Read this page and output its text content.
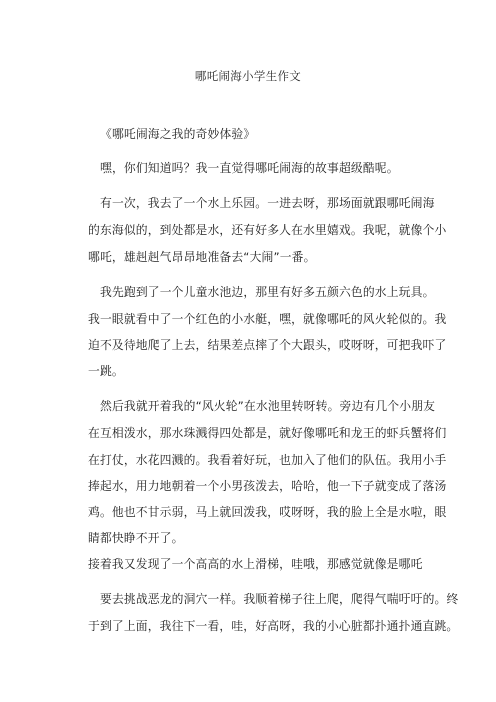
哪吒闹海小学生作文
《哪吒闹海之我的奇妙体验》
嘿，你们知道吗？我一直觉得哪吒闹海的故事超级酷呢。
有一次，我去了一个水上乐园。一进去呀，那场面就跟哪吒闹海
的东海似的，到处都是水，还有好多人在水里嬉戏。我呢，就像个小
哪吒，雄赳赳气昂昂地准备去“大闹”一番。
我先跑到了一个儿童水池边，那里有好多五颜六色的水上玩具。
我一眼就看中了一个红色的小水艇，嘿，就像哪吒的风火轮似的。我
迫不及待地爬了上去，结果差点摔了个大跟头，哎呀呀，可把我吓了
一跳。
然后我就开着我的“风火轮”在水池里转呀转。旁边有几个小朋友
在互相泼水，那水珠溅得四处都是，就好像哪吒和龙王的虾兵蟹将们
在打仗，水花四溅的。我看着好玩，也加入了他们的队伍。我用小手
捧起水，用力地朝着一个小男孩泼去，哈哈，他一下子就变成了落汤
鸡。他也不甘示弱，马上就回泼我，哎呀呀，我的脸上全是水啦，眼
睛都快睁不开了。
接着我又发现了一个高高的水上滑梯，哇哦，那感觉就像是哪吒
要去挑战恶龙的洞穴一样。我顺着梯子往上爬，爬得气喘吁吁的。终
于到了上面，我往下一看，哇，好高呀，我的小心脏都扑通扑通直跳。
